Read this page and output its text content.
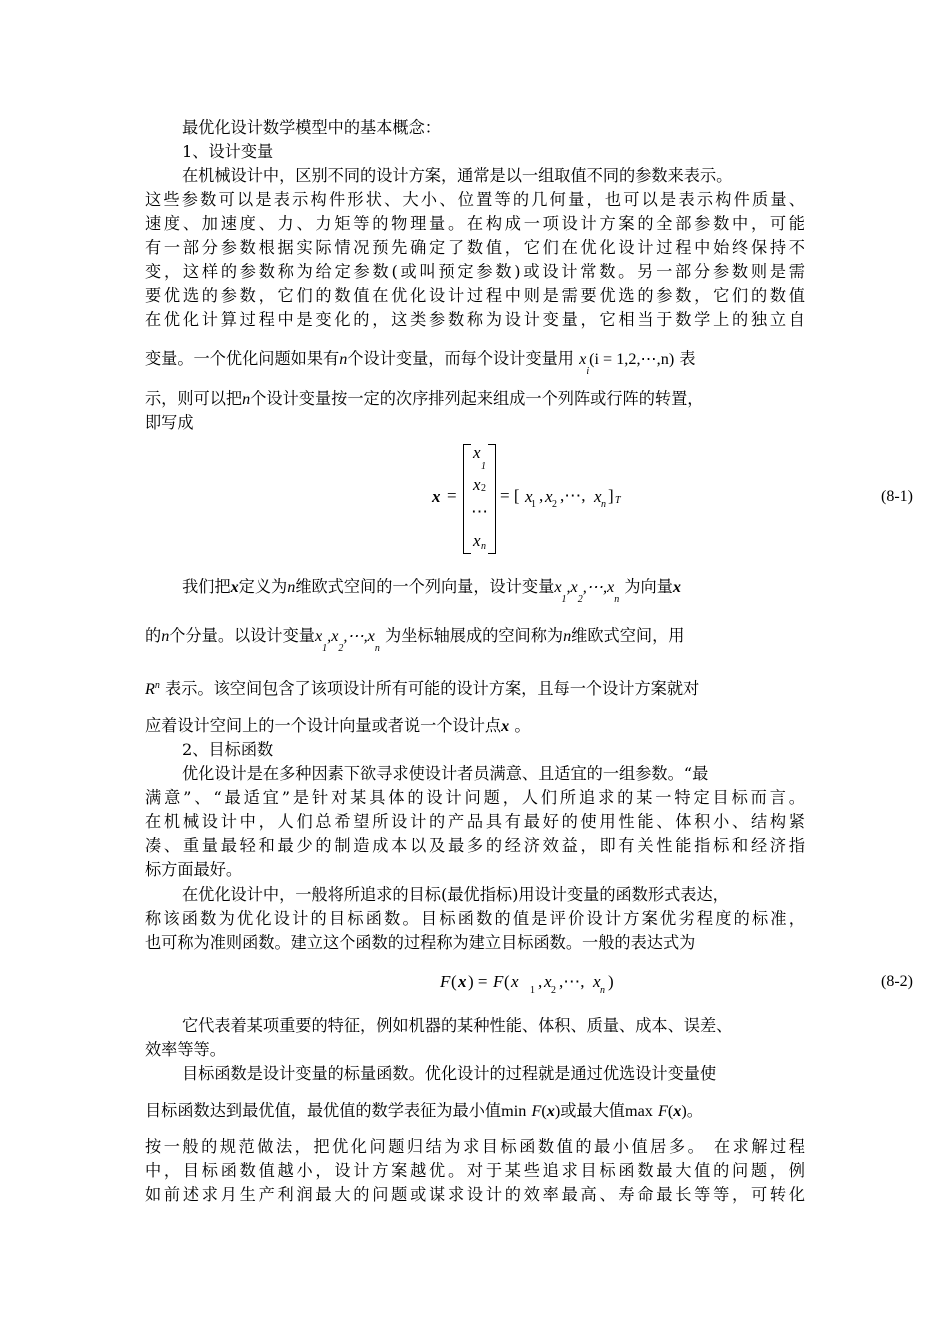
最优化设计数学模型中的基本概念：
1、设计变量
在机械设计中，区别不同的设计方案，通常是以一组取值不同的参数来表示。
这些参数可以是表示构件形状、大小、位置等的几何量，也可以是表示构件质量、
速度、加速度、力、力矩等的物理量。在构成一项设计方案的全部参数中，可能
有一部分参数根据实际情况预先确定了数值，它们在优化设计过程中始终保持不
变，这样的参数称为给定参数(或叫预定参数)或设计常数。另一部分参数则是需
要优选的参数，它们的数值在优化设计过程中则是需要优选的参数，它们的数值
在优化计算过程中是变化的，这类参数称为设计变量，它相当于数学上的独立自
变量。一个优化问题如果有n个设计变量，而每个设计变量用 $x_i(i$ = 1,2,⋯,n) 表
示，则可以把n个设计变量按一定的次序排列起来组成一个列阵或行阵的转置，
即写成
x =
x
1
x 2
⋯
x n
= [ x
1 , x 2 ,⋯, x n ] T	(8-1)
我们把x定义为n维欧式空间的一个列向量，设计变量$x_1,x_2,\cdots,x_n$ 为向量x
的n个分量。以设计变量$x_1,x_2,\cdots,x_n$ 为坐标轴展成的空间称为n维欧式空间，用
$R^n$ 表示。该空间包含了该项设计所有可能的设计方案，且每一个设计方案就对
应着设计空间上的一个设计向量或者说一个设计点x 。
2、目标函数
优化设计是在多种因素下欲寻求使设计者员满意、且适宜的一组参数。“最
满意”、“最适宜”是针对某具体的设计问题，人们所追求的某一特定目标而言。
在机械设计中，人们总希望所设计的产品具有最好的使用性能、体积小、结构紧
凑、重量最轻和最少的制造成本以及最多的经济效益，即有关性能指标和经济指
标方面最好。
在优化设计中，一般将所追求的目标(最优指标)用设计变量的函数形式表达，
称该函数为优化设计的目标函数。目标函数的值是评价设计方案优劣程度的标准，
也可称为准则函数。建立这个函数的过程称为建立目标函数。一般的表达式为
F ( x ) = F ( x 1 , x 2 ,⋯, x n )	(8-2)
它代表着某项重要的特征，例如机器的某种性能、体积、质量、成本、误差、
效率等等。
目标函数是设计变量的标量函数。优化设计的过程就是通过优选设计变量使
目标函数达到最优值，最优值的数学表征为最小值min F(x)或最大值max F(x)。
按一般的规范做法，把优化问题归结为求目标函数值的最小值居多。 在求解过程
中，目标函数值越小，设计方案越优。对于某些追求目标函数最大值的问题，例
如前述求月生产利润最大的问题或谋求设计的效率最高、寿命最长等等，可转化
